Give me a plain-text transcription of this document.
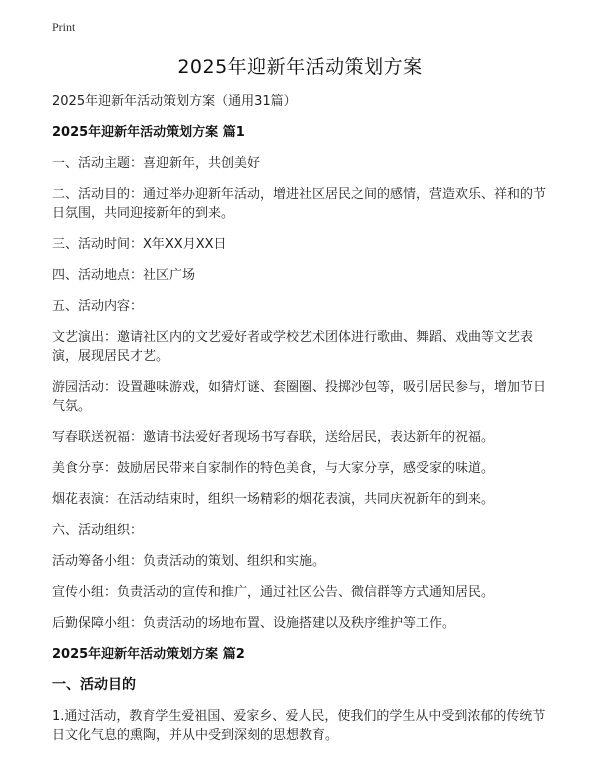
Print
2025年迎新年活动策划方案

2025年迎新年活动策划方案（通用31篇）

2025年迎新年活动策划方案 篇1

一、活动主题：喜迎新年，共创美好

二、活动目的：通过举办迎新年活动，增进社区居民之间的感情，营造欢乐、祥和的节日氛围，共同迎接新年的到来。

三、活动时间：X年XX月XX日

四、活动地点：社区广场

五、活动内容：

文艺演出：邀请社区内的文艺爱好者或学校艺术团体进行歌曲、舞蹈、戏曲等文艺表演，展现居民才艺。

游园活动：设置趣味游戏，如猜灯谜、套圈圈、投掷沙包等，吸引居民参与，增加节日气氛。

写春联送祝福：邀请书法爱好者现场书写春联，送给居民，表达新年的祝福。

美食分享：鼓励居民带来自家制作的特色美食，与大家分享，感受家的味道。

烟花表演：在活动结束时，组织一场精彩的烟花表演，共同庆祝新年的到来。

六、活动组织：

活动筹备小组：负责活动的策划、组织和实施。

宣传小组：负责活动的宣传和推广，通过社区公告、微信群等方式通知居民。

后勤保障小组：负责活动的场地布置、设施搭建以及秩序维护等工作。

2025年迎新年活动策划方案 篇2

一、活动目的

1.通过活动，教育学生爱祖国、爱家乡、爱人民，使我们的学生从中受到浓郁的传统节日文化气息的熏陶，并从中受到深刻的思想教育。
